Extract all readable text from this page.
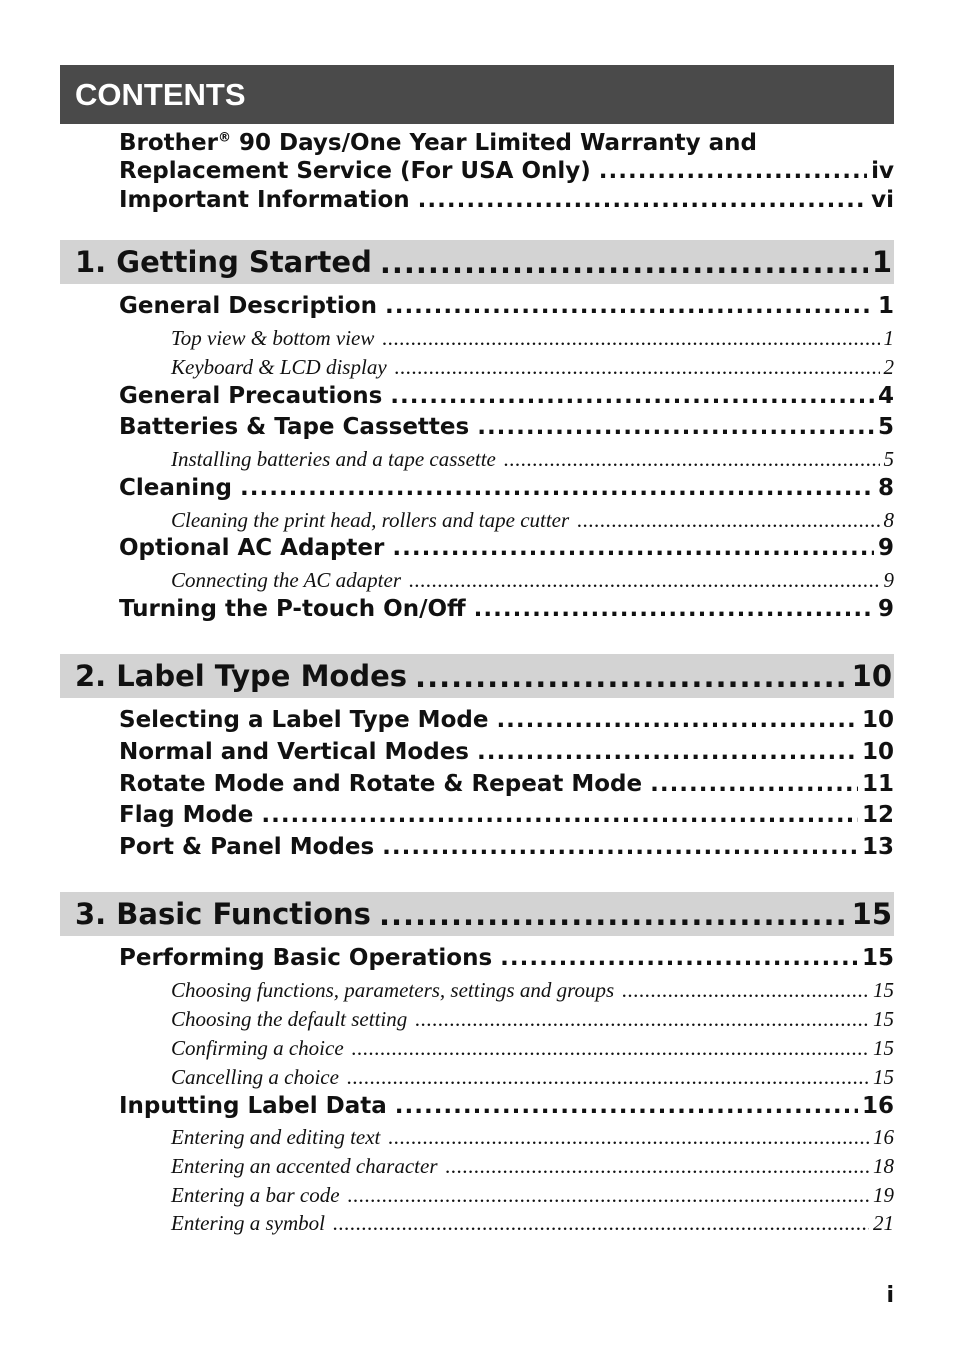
CONTENTS
Brother® 90 Days/One Year Limited Warranty and
Replacement Service (For USA Only) .....	iv
Important Information .....	vi
1. Getting Started .....	1
General Description .....	1
Top view & bottom view .....	1
Keyboard & LCD display .....	2
General Precautions .....	4
Batteries & Tape Cassettes .....	5
Installing batteries and a tape cassette .....	5
Cleaning .....	8
Cleaning the print head, rollers and tape cutter .....	8
Optional AC Adapter .....	9
Connecting the AC adapter .....	9
Turning the P-touch On/Off .....	9
2. Label Type Modes .....	10
Selecting a Label Type Mode .....	10
Normal and Vertical Modes .....	10
Rotate Mode and Rotate & Repeat Mode .....	11
Flag Mode .....	12
Port & Panel Modes .....	13
3. Basic Functions .....	15
Performing Basic Operations .....	15
Choosing functions, parameters, settings and groups .....	15
Choosing the default setting .....	15
Confirming a choice .....	15
Cancelling a choice .....	15
Inputting Label Data .....	16
Entering and editing text .....	16
Entering an accented character .....	18
Entering a bar code .....	19
Entering a symbol .....	21
i
